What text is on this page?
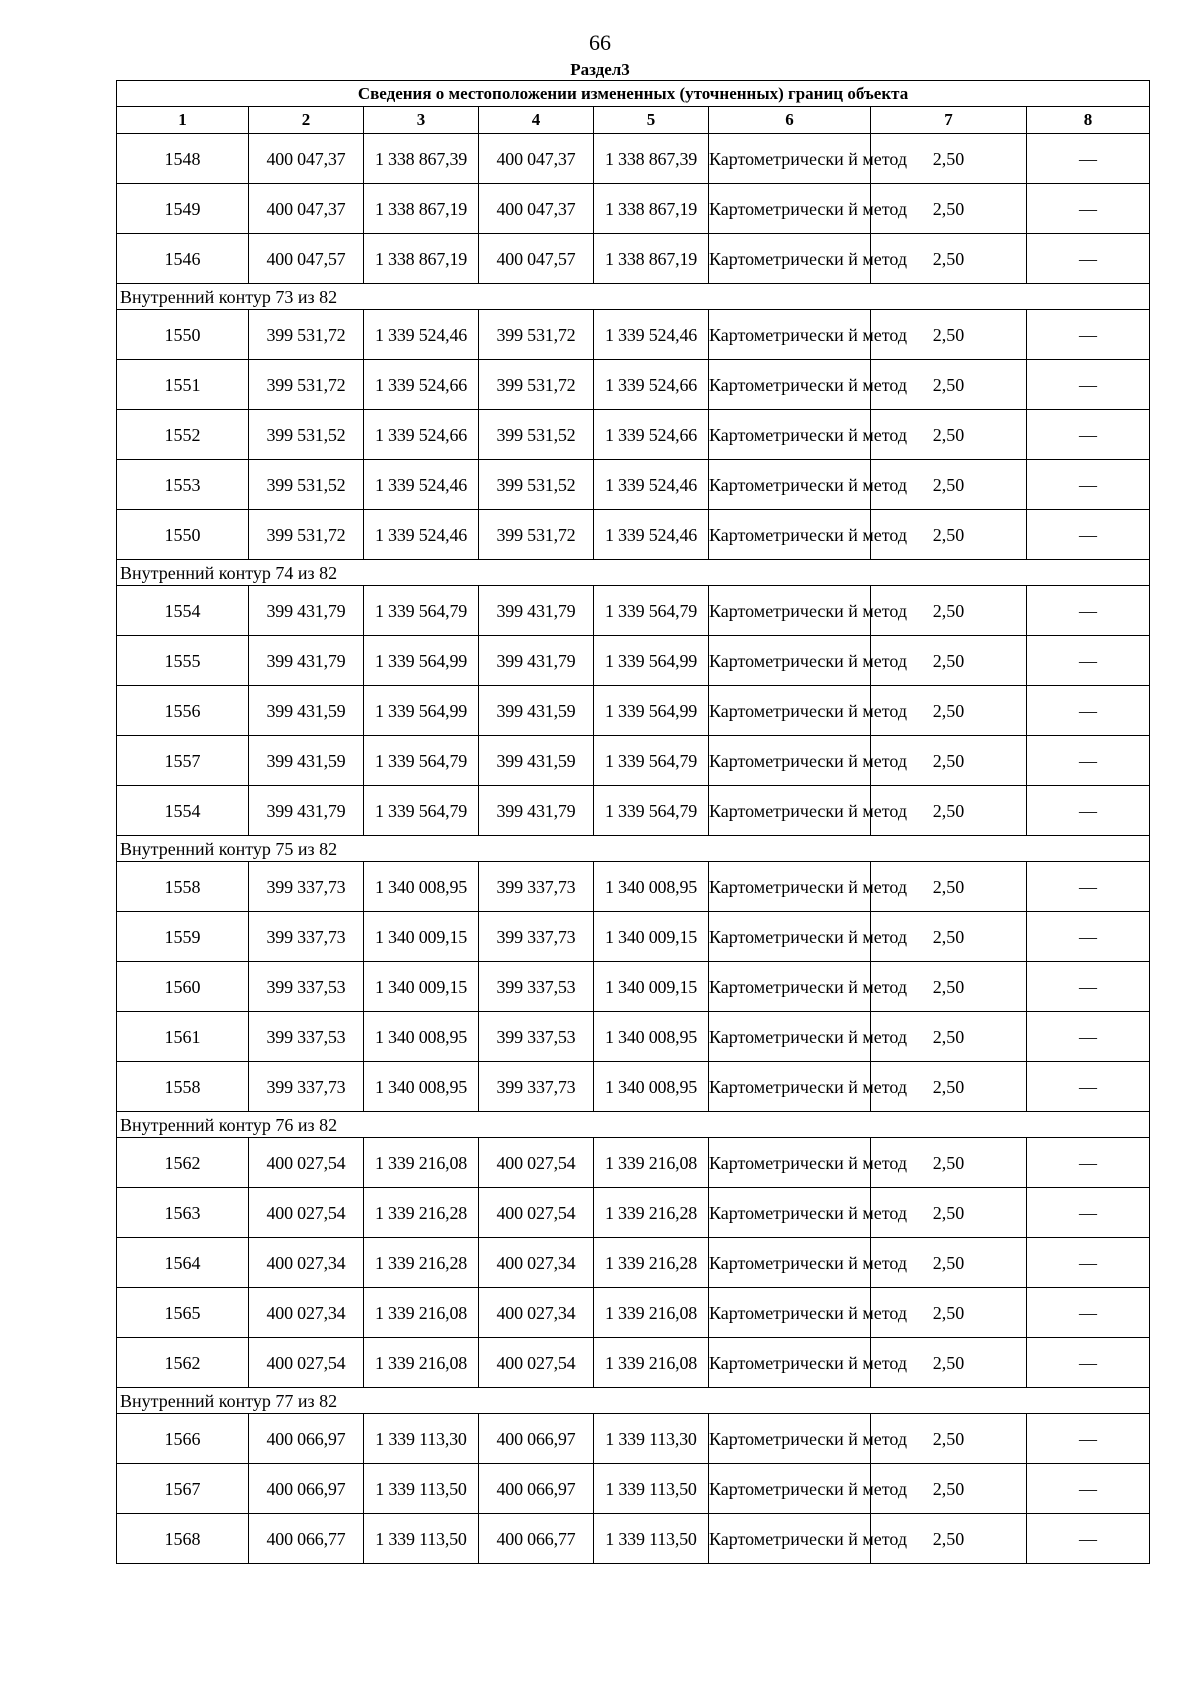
66
Раздел3
Сведения о местоположении измененных (уточненных) границ объекта							
1	2	3	4	5	6	7	8
1548	400 047,37	1 338 867,39	400 047,37	1 338 867,39	Картометрически й метод	2,50	—
1549	400 047,37	1 338 867,19	400 047,37	1 338 867,19	Картометрически й метод	2,50	—
1546	400 047,57	1 338 867,19	400 047,57	1 338 867,19	Картометрически й метод	2,50	—
Внутренний контур 73 из 82							
1550	399 531,72	1 339 524,46	399 531,72	1 339 524,46	Картометрически й метод	2,50	—
1551	399 531,72	1 339 524,66	399 531,72	1 339 524,66	Картометрически й метод	2,50	—
1552	399 531,52	1 339 524,66	399 531,52	1 339 524,66	Картометрически й метод	2,50	—
1553	399 531,52	1 339 524,46	399 531,52	1 339 524,46	Картометрически й метод	2,50	—
1550	399 531,72	1 339 524,46	399 531,72	1 339 524,46	Картометрически й метод	2,50	—
Внутренний контур 74 из 82							
1554	399 431,79	1 339 564,79	399 431,79	1 339 564,79	Картометрически й метод	2,50	—
1555	399 431,79	1 339 564,99	399 431,79	1 339 564,99	Картометрически й метод	2,50	—
1556	399 431,59	1 339 564,99	399 431,59	1 339 564,99	Картометрически й метод	2,50	—
1557	399 431,59	1 339 564,79	399 431,59	1 339 564,79	Картометрически й метод	2,50	—
1554	399 431,79	1 339 564,79	399 431,79	1 339 564,79	Картометрически й метод	2,50	—
Внутренний контур 75 из 82							
1558	399 337,73	1 340 008,95	399 337,73	1 340 008,95	Картометрически й метод	2,50	—
1559	399 337,73	1 340 009,15	399 337,73	1 340 009,15	Картометрически й метод	2,50	—
1560	399 337,53	1 340 009,15	399 337,53	1 340 009,15	Картометрически й метод	2,50	—
1561	399 337,53	1 340 008,95	399 337,53	1 340 008,95	Картометрически й метод	2,50	—
1558	399 337,73	1 340 008,95	399 337,73	1 340 008,95	Картометрически й метод	2,50	—
Внутренний контур 76 из 82							
1562	400 027,54	1 339 216,08	400 027,54	1 339 216,08	Картометрически й метод	2,50	—
1563	400 027,54	1 339 216,28	400 027,54	1 339 216,28	Картометрически й метод	2,50	—
1564	400 027,34	1 339 216,28	400 027,34	1 339 216,28	Картометрически й метод	2,50	—
1565	400 027,34	1 339 216,08	400 027,34	1 339 216,08	Картометрически й метод	2,50	—
1562	400 027,54	1 339 216,08	400 027,54	1 339 216,08	Картометрически й метод	2,50	—
Внутренний контур 77 из 82							
1566	400 066,97	1 339 113,30	400 066,97	1 339 113,30	Картометрически й метод	2,50	—
1567	400 066,97	1 339 113,50	400 066,97	1 339 113,50	Картометрически й метод	2,50	—
1568	400 066,77	1 339 113,50	400 066,77	1 339 113,50	Картометрически й метод	2,50	—
